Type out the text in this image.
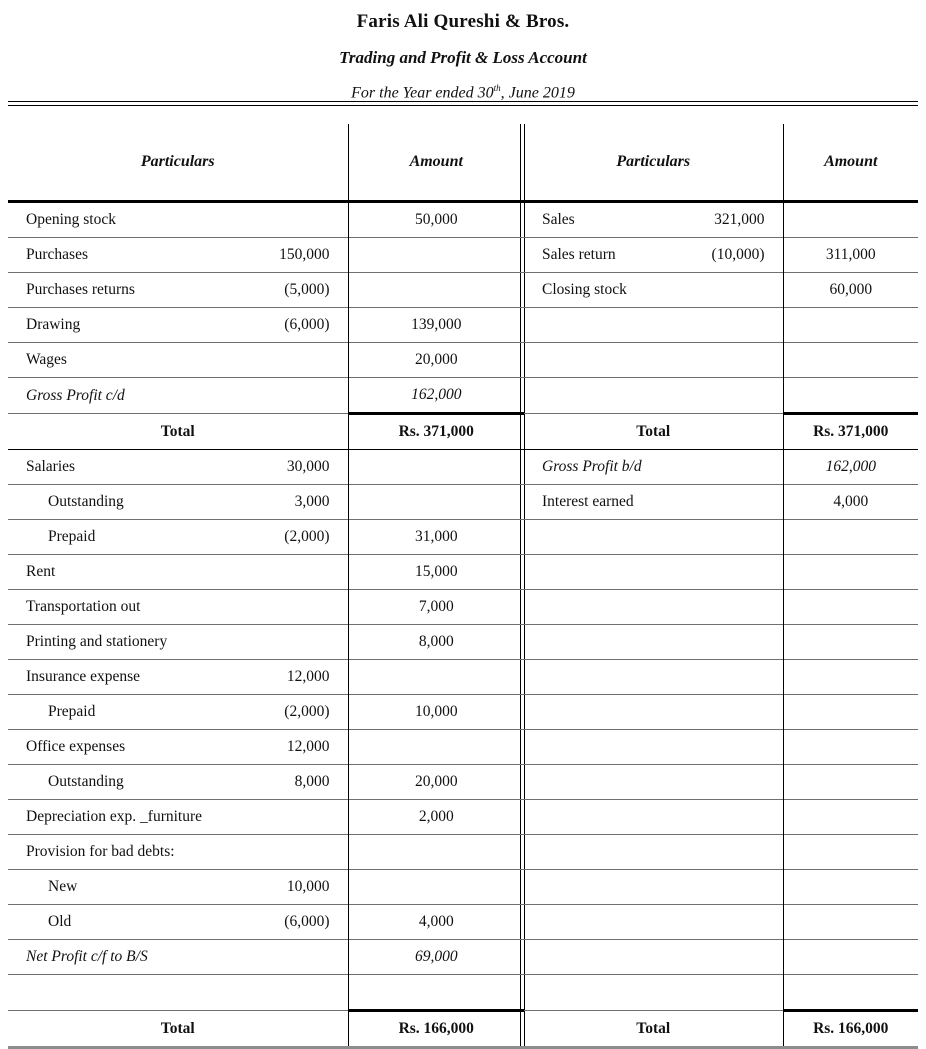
Faris Ali Qureshi & Bros.
Trading and Profit & Loss Account
For the Year ended 30th, June 2019
Particulars	Amount	Particulars	Amount

Opening stock	50,000	Sales 321,000	

Purchases 150,000		Sales return (10,000)	311,000

Purchases returns (5,000)		Closing stock	60,000

Drawing (6,000)	139,000		

Wages	20,000		

Gross Profit c/d	162,000		

Total	Rs. 371,000	Total	Rs. 371,000

Salaries 30,000		Gross Profit b/d	162,000

Outstanding 3,000		Interest earned	4,000

Prepaid (2,000)	31,000		

Rent	15,000		

Transportation out	7,000		

Printing and stationery	8,000		

Insurance expense 12,000			

Prepaid (2,000)	10,000		

Office expenses 12,000			

Outstanding 8,000	20,000		

Depreciation exp. _furniture	2,000		

Provision for bad debts:			

New 10,000			

Old (6,000)	4,000		

Net Profit c/f to B/S	69,000		

Total	Rs. 166,000	Total	Rs. 166,000
